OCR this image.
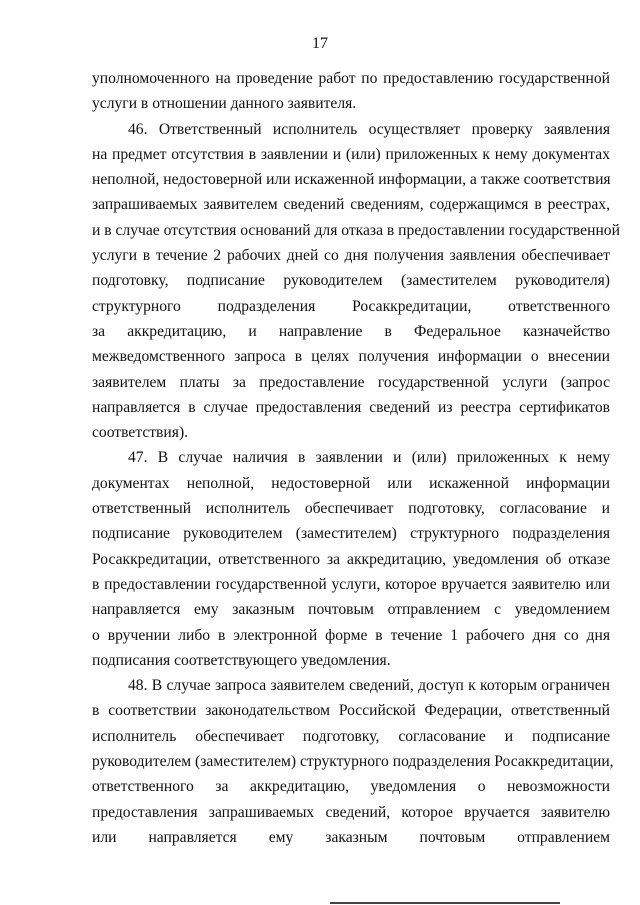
17
уполномоченного на проведение работ по предоставлению государственной
услуги в отношении данного заявителя.
46. Ответственный исполнитель осуществляет проверку заявления
на предмет отсутствия в заявлении и (или) приложенных к нему документах
неполной, недостоверной или искаженной информации, а также соответствия
запрашиваемых заявителем сведений сведениям, содержащимся в реестрах,
и в случае отсутствия оснований для отказа в предоставлении государственной
услуги в течение 2 рабочих дней со дня получения заявления обеспечивает
подготовку, подписание руководителем (заместителем руководителя)
структурного подразделения Росаккредитации, ответственного
за аккредитацию, и направление в Федеральное казначейство
межведомственного запроса в целях получения информации о внесении
заявителем платы за предоставление государственной услуги (запрос
направляется в случае предоставления сведений из реестра сертификатов
соответствия).
47. В случае наличия в заявлении и (или) приложенных к нему
документах неполной, недостоверной или искаженной информации
ответственный исполнитель обеспечивает подготовку, согласование и
подписание руководителем (заместителем) структурного подразделения
Росаккредитации, ответственного за аккредитацию, уведомления об отказе
в предоставлении государственной услуги, которое вручается заявителю или
направляется ему заказным почтовым отправлением с уведомлением
о вручении либо в электронной форме в течение 1 рабочего дня со дня
подписания соответствующего уведомления.
48. В случае запроса заявителем сведений, доступ к которым ограничен
в соответствии законодательством Российской Федерации, ответственный
исполнитель обеспечивает подготовку, согласование и подписание
руководителем (заместителем) структурного подразделения Росаккредитации,
ответственного за аккредитацию, уведомления о невозможности
предоставления запрашиваемых сведений, которое вручается заявителю
или направляется ему заказным почтовым отправлением
